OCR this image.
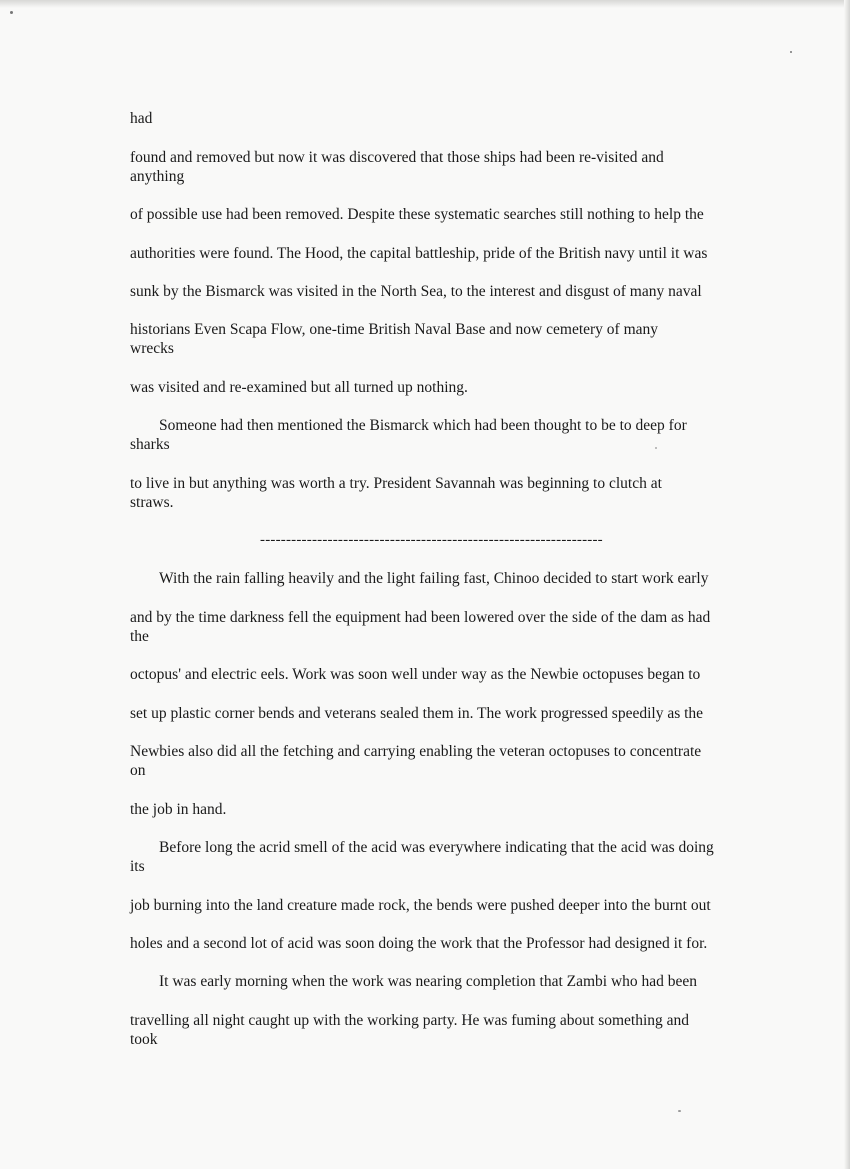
had
found and removed but now it was discovered that those ships had been re-visited and
anything
of possible use had been removed. Despite these systematic searches still nothing to help the
authorities were found. The Hood, the capital battleship, pride of the British navy until it was
sunk by the Bismarck was visited in the North Sea, to the interest and disgust of many naval
historians Even Scapa Flow, one-time British Naval Base and now cemetery of many
wrecks
was visited and re-examined but all turned up nothing.
Someone had then mentioned the Bismarck which had been thought to be to deep for
sharks
to live in but anything was worth a try. President Savannah was beginning to clutch at
straws.
------------------------------------------------------------------
With the rain falling heavily and the light failing fast, Chinoo decided to start work early
and by the time darkness fell the equipment had been lowered over the side of the dam as had
the
octopus' and electric eels. Work was soon well under way as the Newbie octopuses began to
set up plastic corner bends and veterans sealed them in. The work progressed speedily as the
Newbies also did all the fetching and carrying enabling the veteran octopuses to concentrate
on
the job in hand.
Before long the acrid smell of the acid was everywhere indicating that the acid was doing
its
job burning into the land creature made rock, the bends were pushed deeper into the burnt out
holes and a second lot of acid was soon doing the work that the Professor had designed it for.
It was early morning when the work was nearing completion that Zambi who had been
travelling all night caught up with the working party. He was fuming about something and
took
